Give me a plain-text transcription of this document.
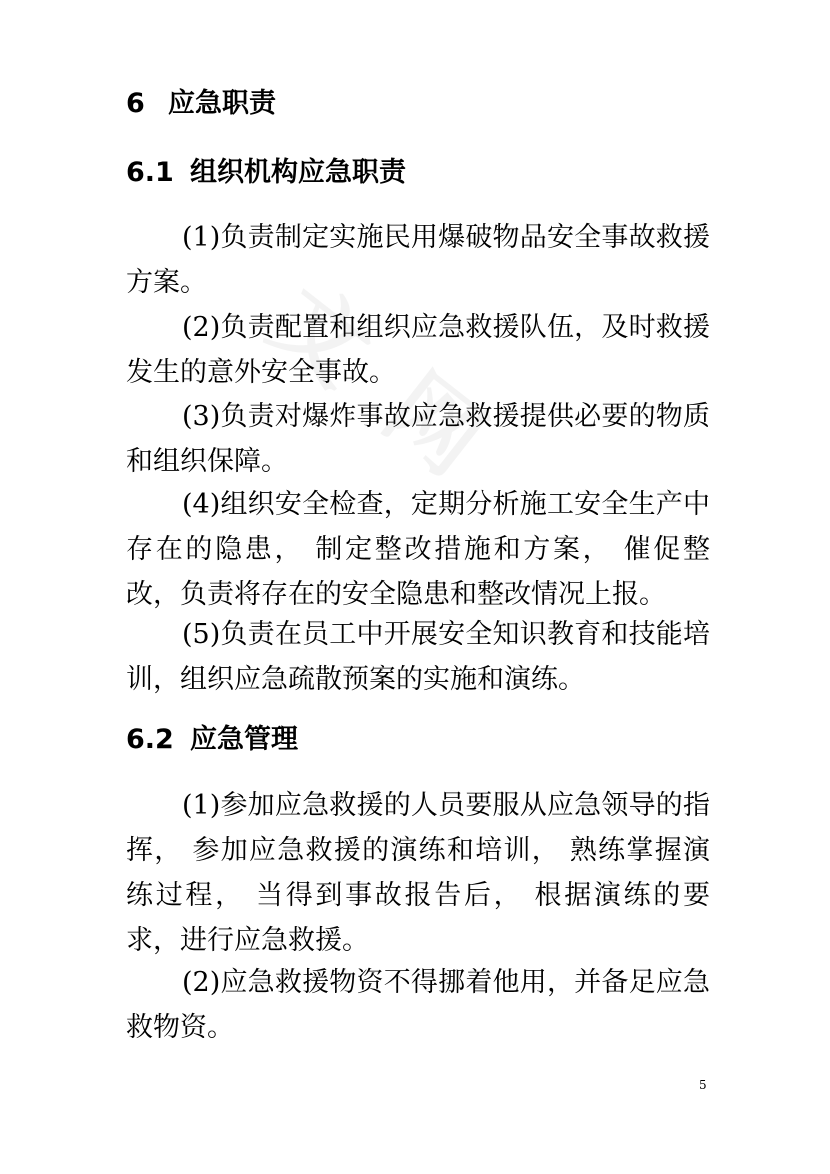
6 应急职责
6.1 组织机构应急职责

(1)负责制定实施民用爆破物品安全事故救援方案。

(2)负责配置和组织应急救援队伍，及时救援发生的意外安全事故。

(3)负责对爆炸事故应急救援提供必要的物质和组织保障。

(4)组织安全检查，定期分析施工安全生产中存在的隐患， 制定整改措施和方案， 催促整改，负责将存在的安全隐患和整改情况上报。

(5)负责在员工中开展安全知识教育和技能培训，组织应急疏散预案的实施和演练。

6.2 应急管理

(1)参加应急救援的人员要服从应急领导的指挥， 参加应急救援的演练和培训， 熟练掌握演练过程， 当得到事故报告后， 根据演练的要求，进行应急救援。

(2)应急救援物资不得挪着他用，并备足应急救物资。

5
